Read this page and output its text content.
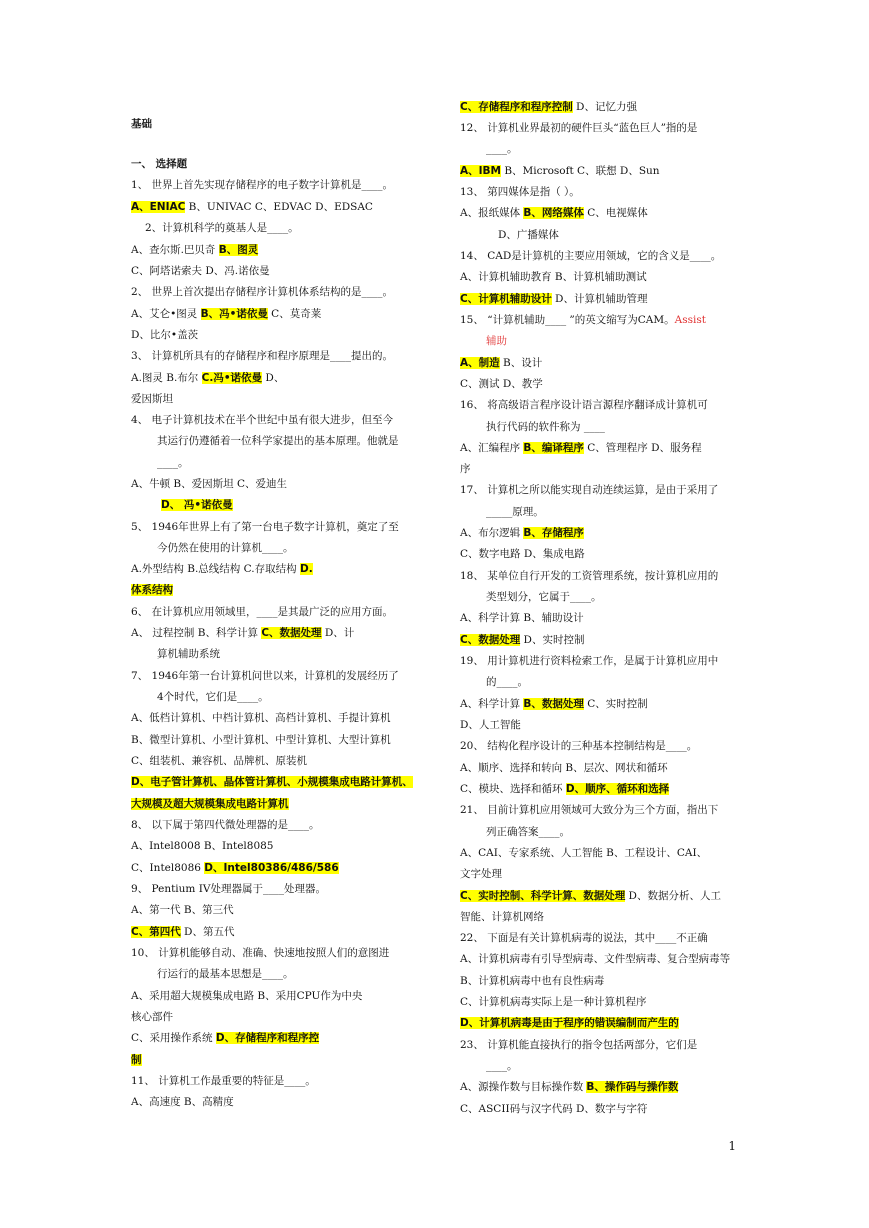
基础
一、 选择题
1、 世界上首先实现存储程序的电子数字计算机是____。
A、ENIAC B、UNIVAC C、EDVAC D、EDSAC
2、计算机科学的奠基人是____。
A、查尔斯.巴贝奇 B、图灵
C、阿塔诺索夫 D、冯.诺依曼
2、 世界上首次提出存储程序计算机体系结构的是____。
A、艾仑•图灵 B、冯•诺依曼 C、莫奇莱
D、比尔•盖茨
3、 计算机所具有的存储程序和程序原理是____提出的。
A.图灵 B.布尔 C.冯•诺依曼 D、
爱因斯坦
4、 电子计算机技术在半个世纪中虽有很大进步，但至今
其运行仍遵循着一位科学家提出的基本原理。他就是
____。
A、牛顿 B、爱因斯坦 C、爱迪生
D、 冯•诺依曼
5、 1946年世界上有了第一台电子数字计算机，奠定了至
今仍然在使用的计算机____。
A.外型结构 B.总线结构 C.存取结构 D.
体系结构
6、 在计算机应用领域里，____是其最广泛的应用方面。
A、 过程控制 B、科学计算 C、数据处理 D、计
算机辅助系统
7、 1946年第一台计算机问世以来，计算机的发展经历了
4个时代，它们是____。
A、低档计算机、中档计算机、高档计算机、手提计算机
B、微型计算机、小型计算机、中型计算机、大型计算机
C、组装机、兼容机、品牌机、原装机
D、电子管计算机、晶体管计算机、小规模集成电路计算机、
大规模及超大规模集成电路计算机
8、 以下属于第四代微处理器的是____。
A、Intel8008 B、Intel8085
C、Intel8086 D、Intel80386/486/586
9、 Pentium IV处理器属于____处理器。
A、第一代 B、第三代
C、第四代 D、第五代
10、 计算机能够自动、准确、快速地按照人们的意图进
行运行的最基本思想是____。
A、采用超大规模集成电路 B、采用CPU作为中央
核心部件
C、采用操作系统 D、存储程序和程序控
制
11、 计算机工作最重要的特征是____。
A、高速度 B、高精度
C、存储程序和程序控制 D、记忆力强
12、 计算机业界最初的硬件巨头“蓝色巨人”指的是
____。
A、IBM B、Microsoft C、联想 D、Sun
13、 第四媒体是指（ ）。
A、报纸媒体 B、网络媒体 C、电视媒体
D、广播媒体
14、 CAD是计算机的主要应用领域，它的含义是____。
A、计算机辅助教育 B、计算机辅助测试
C、计算机辅助设计 D、计算机辅助管理
15、 “计算机辅助____ ”的英文缩写为CAM。Assist
辅助
A、制造 B、设计
C、测试 D、教学
16、 将高级语言程序设计语言源程序翻译成计算机可
执行代码的软件称为 ____
A、汇编程序 B、编译程序 C、管理程序 D、服务程
序
17、 计算机之所以能实现自动连续运算，是由于采用了
_____原理。
A、布尔逻辑 B、存储程序
C、数字电路 D、集成电路
18、 某单位自行开发的工资管理系统，按计算机应用的
类型划分，它属于____。
A、科学计算 B、辅助设计
C、数据处理 D、实时控制
19、 用计算机进行资料检索工作，是属于计算机应用中
的____。
A、科学计算 B、数据处理 C、实时控制
D、人工智能
20、 结构化程序设计的三种基本控制结构是____。
A、顺序、选择和转向 B、层次、网状和循环
C、模块、选择和循环 D、顺序、循环和选择
21、 目前计算机应用领域可大致分为三个方面，指出下
列正确答案____。
A、CAI、专家系统、人工智能 B、工程设计、CAI、
文字处理
C、实时控制、科学计算、数据处理 D、数据分析、人工
智能、计算机网络
22、 下面是有关计算机病毒的说法，其中____不正确
A、计算机病毒有引导型病毒、文件型病毒、复合型病毒等
B、计算机病毒中也有良性病毒
C、计算机病毒实际上是一种计算机程序
D、计算机病毒是由于程序的错误编制而产生的
23、 计算机能直接执行的指令包括两部分，它们是
____。
A、源操作数与目标操作数 B、操作码与操作数
C、ASCII码与汉字代码 D、数字与字符
1
